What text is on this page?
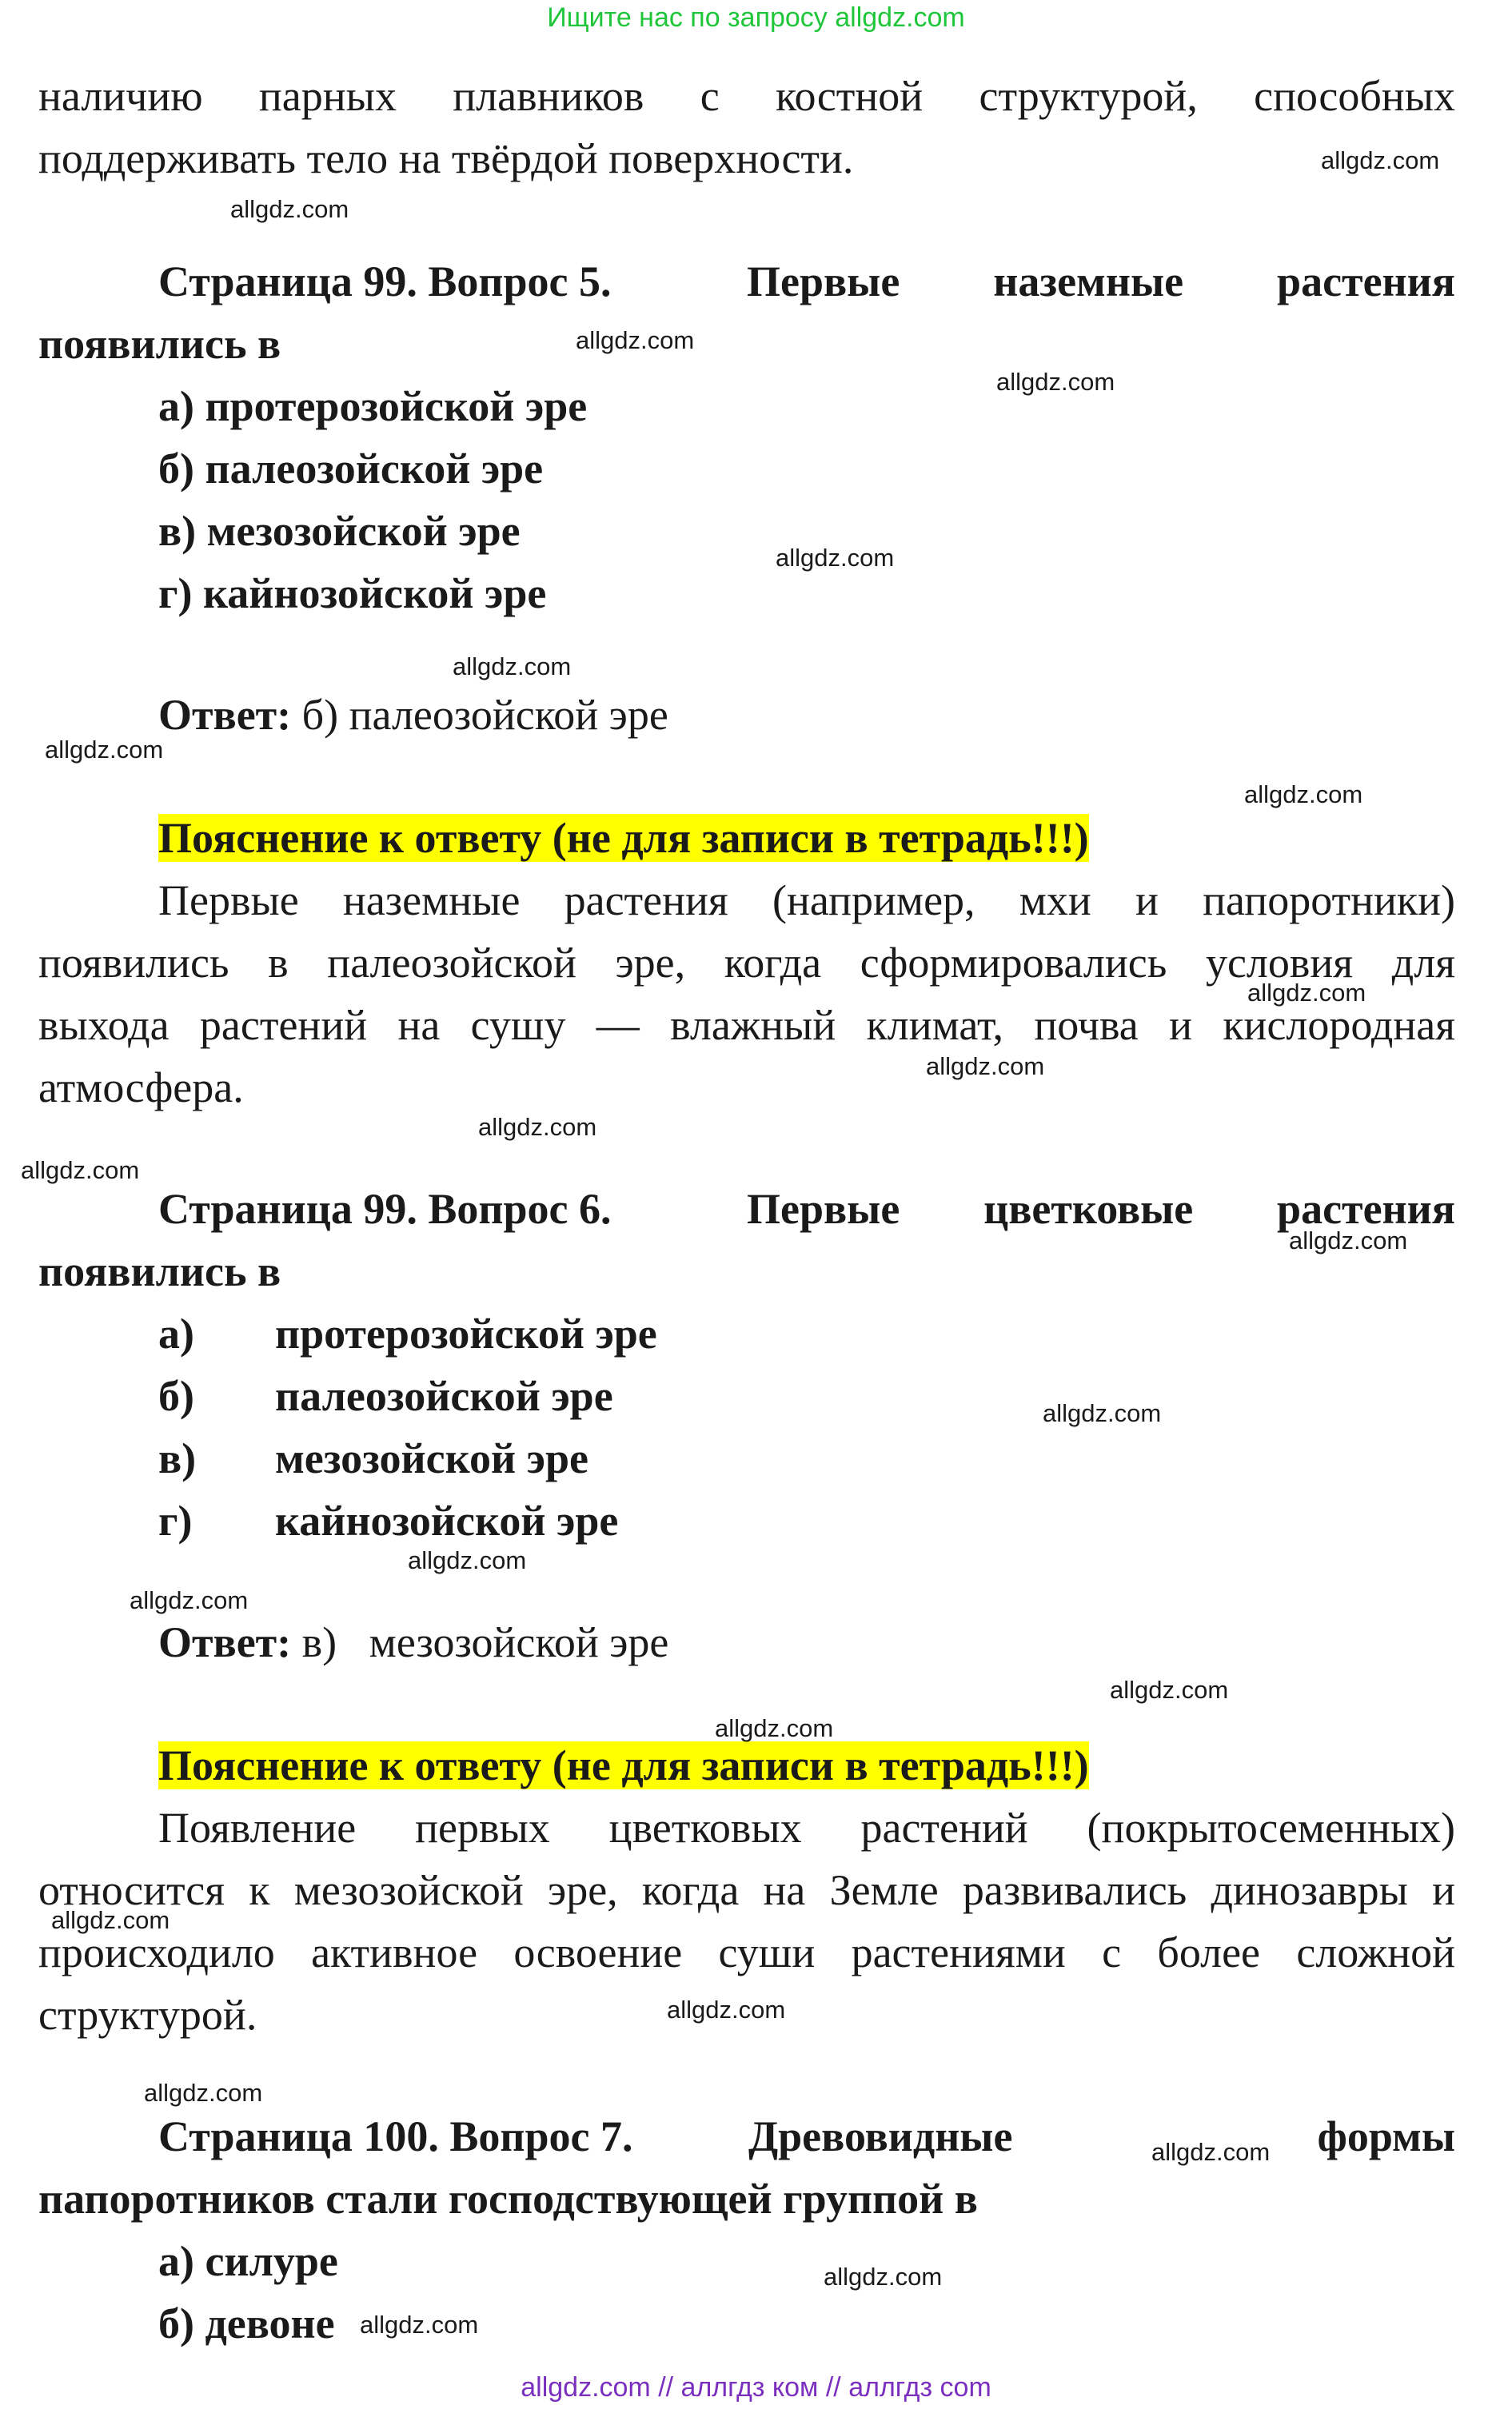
Ищите нас по запросу allgdz.com
наличию парных плавников с костной структурой, способных
поддерживать тело на твёрдой поверхности.
Страница 99. Вопрос 5.	Первые наземные растения
появились в
а) протерозойской эре
б) палеозойской эре
в) мезозойской эре
г) кайнозойской эре
Ответ: б) палеозойской эре
Пояснение к ответу (не для записи в тетрадь!!!)
Первые наземные растения (например, мхи и папоротники)
появились в палеозойской эре, когда сформировались условия для
выхода растений на сушу — влажный климат, почва и кислородная
атмосфера.
Страница 99. Вопрос 6.	Первые цветковые растения
появились в
а) протерозойской эре
б) палеозойской эре
в) мезозойской эре
г) кайнозойской эре
Ответ: в)   мезозойской эре
Пояснение к ответу (не для записи в тетрадь!!!)
Появление первых цветковых растений (покрытосеменных)
относится к мезозойской эре, когда на Земле развивались динозавры и
происходило активное освоение суши растениями с более сложной
структурой.
Страница 100. Вопрос 7.	Древовидные	формы
папоротников стали господствующей группой в
а) силуре
б) девоне
allgdz.com
allgdz.com
allgdz.com
allgdz.com
allgdz.com
allgdz.com
allgdz.com
allgdz.com
allgdz.com
allgdz.com
allgdz.com
allgdz.com
allgdz.com
allgdz.com
allgdz.com
allgdz.com
allgdz.com
allgdz.com
allgdz.com
allgdz.com
allgdz.com
allgdz.com
allgdz.com
allgdz.com
allgdz.com // аллгдз ком // аллгдз com
